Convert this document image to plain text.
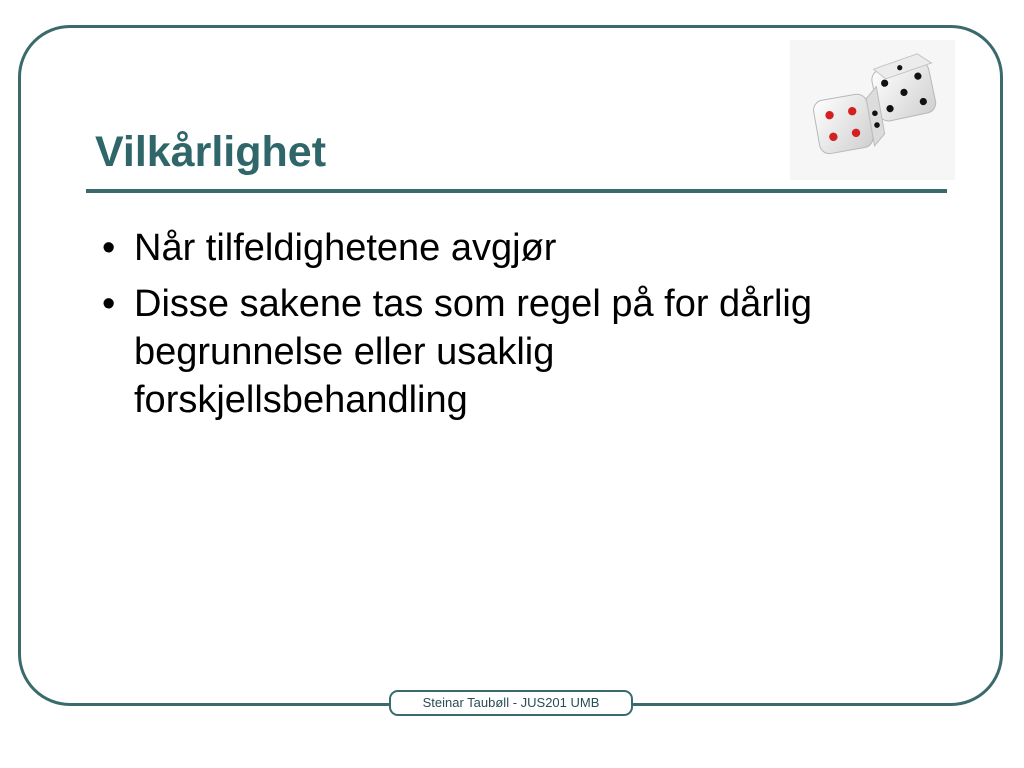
Vilkårlighet
• Når tilfeldighetene avgjør
• Disse sakene tas som regel på for dårlig begrunnelse eller usaklig forskjellsbehandling
Steinar Taubøll - JUS201 UMB
